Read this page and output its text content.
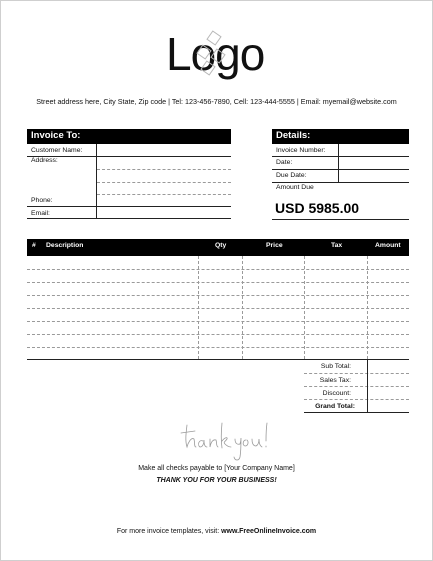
Logo
Street address here, City State, Zip code | Tel: 123-456-7890, Cell: 123-444-5555 | Email: myemail@website.com
Invoice To:
Customer Name:
Address:
Phone:
Email:
Details:
Invoice Number:
Date:
Due Date:
Amount Due
USD 5985.00
# Description	Qty	Price	Tax	Amount
Sub Total:
Sales Tax:
Discount:
Grand Total:
Make all checks payable to [Your Company Name]
THANK YOU FOR YOUR BUSINESS!
For more invoice templates, visit: www.FreeOnlineInvoice.com
